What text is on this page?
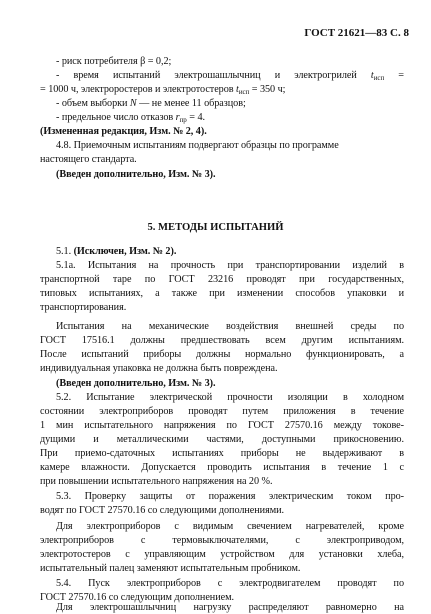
ГОСТ 21621—83 С. 8
- риск потребителя β = 0,2;
- время испытаний электрошашлычниц и электрогрилей $t_{исп}$ =
= 1000 ч, электроростеров и электротостеров $t_{исп} = 350$ ч;
- объем выборки N — не менее 11 образцов;
- предельное число отказов $r_{пр} = 4$.
(Измененная редакция, Изм. № 2, 4).
4.8. Приемочным испытаниям подвергают образцы по программе
настоящего стандарта.
(Введен дополнительно, Изм. № 3).
5. МЕТОДЫ ИСПЫТАНИЙ
5.1. (Исключен, Изм. № 2).
5.1а. Испытания на прочность при транспортировании изделий в
транспортной таре по ГОСТ 23216 проводят при государственных,
типовых испытаниях, а также при изменении способов упаковки и
транспортирования.
Испытания на механические воздействия внешней среды по
ГОСТ 17516.1 должны предшествовать всем другим испытаниям.
После испытаний приборы должны нормально функционировать, а
индивидуальная упаковка не должна быть повреждена.
(Введен дополнительно, Изм. № 3).
5.2. Испытание электрической прочности изоляции в холодном
состоянии электроприборов проводят путем приложения в течение
1 мин испытательного напряжения по ГОСТ 27570.16 между токове-
дущими и металлическими частями, доступными прикосновению.
При приемо-сдаточных испытаниях приборы не выдерживают в
камере влажности. Допускается проводить испытания в течение 1 с
при повышении испытательного напряжения на 20 %.
5.3. Проверку защиты от поражения электрическим током про-
водят по ГОСТ 27570.16 со следующими дополнениями.
Для электроприборов с видимым свечением нагревателей, кроме
электроприборов с термовыключателями, с электроприводом,
электротостеров с управляющим устройством для установки хлеба,
испытательный палец заменяют испытательным пробником.
5.4. Пуск электроприборов с электродвигателем проводят по
ГОСТ 27570.16 со следующим дополнением.
Для электрошашлычниц нагрузку распределяют равномерно на
